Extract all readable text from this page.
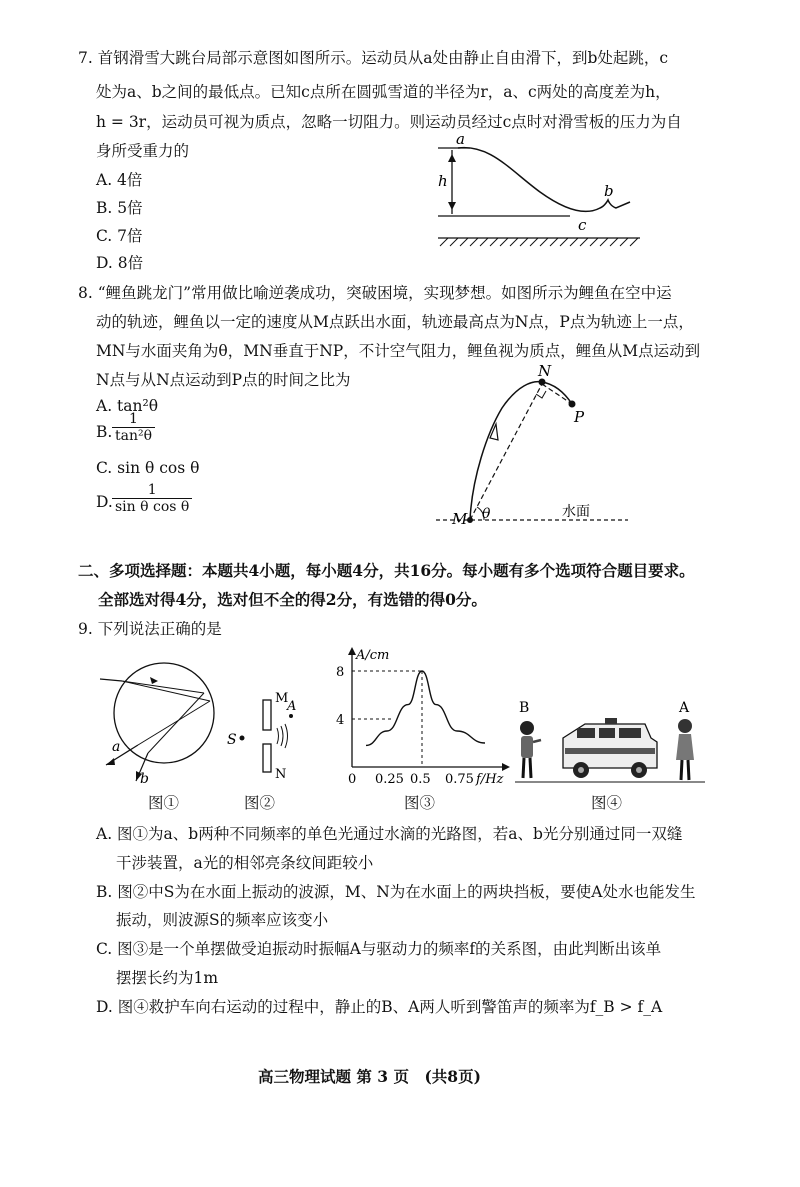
7. 首钢滑雪大跳台局部示意图如图所示。运动员从a处由静止自由滑下，到b处起跳，c
处为a、b之间的最低点。已知c点所在圆弧雪道的半径为r，a、c两处的高度差为h，
h = 3r，运动员可视为质点，忽略一切阻力。则运动员经过c点时对滑雪板的压力为自
身所受重力的
A. 4倍
B. 5倍
C. 7倍
D. 8倍
a
h
b
c
8. “鲤鱼跳龙门”常用做比喻逆袭成功，突破困境，实现梦想。如图所示为鲤鱼在空中运
动的轨迹，鲤鱼以一定的速度从M点跃出水面，轨迹最高点为N点，P点为轨迹上一点，
MN与水面夹角为θ，MN垂直于NP，不计空气阻力，鲤鱼视为质点，鲤鱼从M点运动到
N点与从N点运动到P点的时间之比为
A. tan²θ
B. $\frac{1}{\text{tan²θ}}$
C. sin θ cos θ
D. $\frac{1}{\text{sin θ cos θ}}$
N
P
M θ	水面
二、多项选择题：本题共4小题，每小题4分，共16分。每小题有多个选项符合题目要求。
全部选对得4分，选对但不全的得2分，有选错的得0分。
9. 下列说法正确的是
a
b
图①
M
A
N
S
图②
A/cm
8
4
0 0.25 0.5 0.75 f/Hz
图③
B	A
图④
A. 图①为a、b两种不同频率的单色光通过水滴的光路图，若a、b光分别通过同一双缝
干涉装置，a光的相邻亮条纹间距较小
B. 图②中S为在水面上振动的波源，M、N为在水面上的两块挡板，要使A处水也能发生
振动，则波源S的频率应该变小
C. 图③是一个单摆做受迫振动时振幅A与驱动力的频率f的关系图，由此判断出该单
摆摆长约为1m
D. 图④救护车向右运动的过程中，静止的B、A两人听到警笛声的频率为f_B > f_A
高三物理试题 第 3 页　(共8页)
